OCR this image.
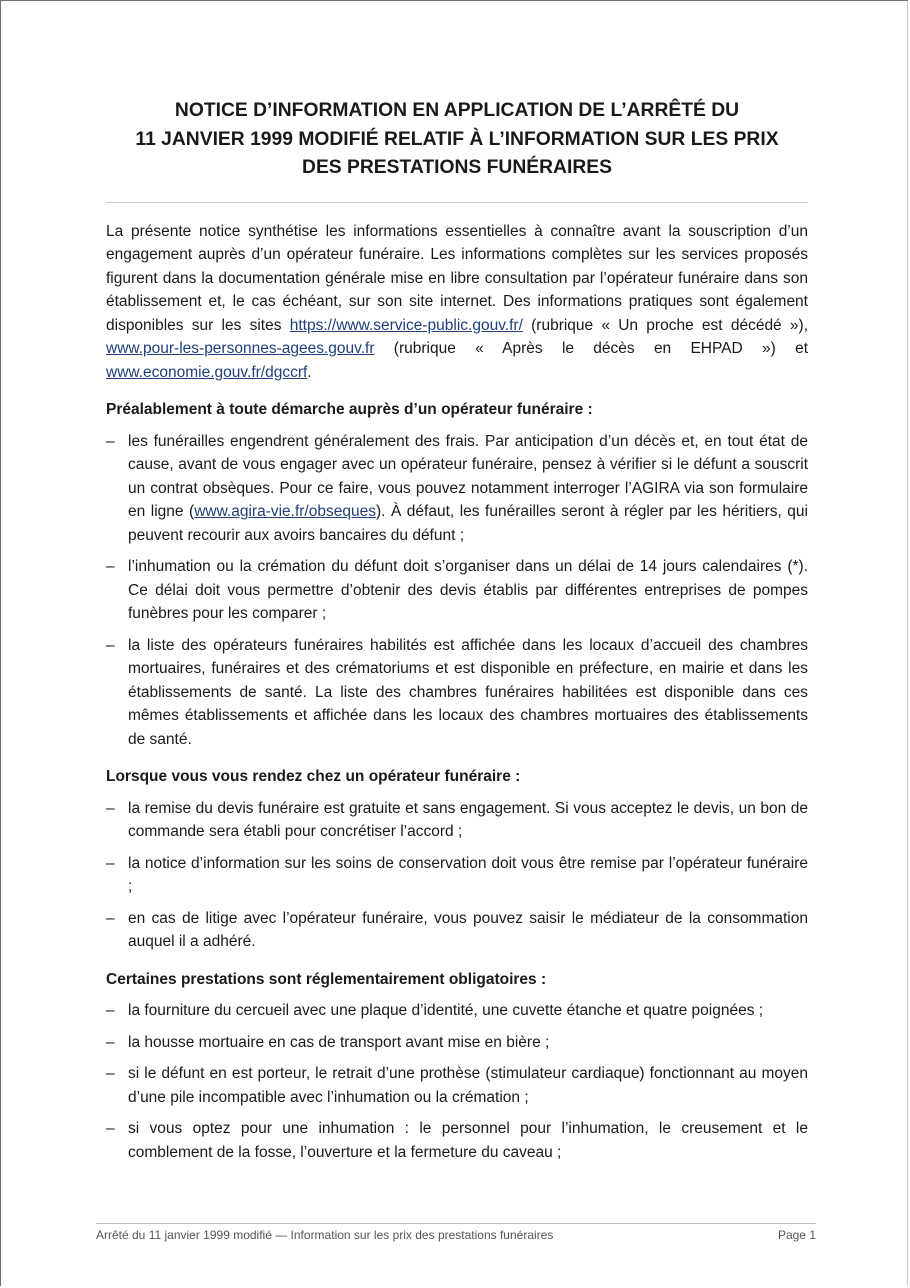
NOTICE D’INFORMATION EN APPLICATION DE L’ARRÊTÉ DU
11 JANVIER 1999 MODIFIÉ RELATIF À L’INFORMATION SUR LES PRIX
DES PRESTATIONS FUNÉRAIRES

La présente notice synthétise les informations essentielles à connaître avant la souscription d’un engagement auprès d’un opérateur funéraire. Les informations complètes sur les services proposés figurent dans la documentation générale mise en libre consultation par l’opérateur funéraire dans son établissement et, le cas échéant, sur son site internet. Des informations pratiques sont également disponibles sur les sites https://www.service-public.gouv.fr/ (rubrique « Un proche est décédé »), www.pour-les-personnes-agees.gouv.fr (rubrique « Après le décès en EHPAD ») et www.economie.gouv.fr/dgccrf.

Préalablement à toute démarche auprès d’un opérateur funéraire :
– les funérailles engendrent généralement des frais. Par anticipation d’un décès et, en tout état de cause, avant de vous engager avec un opérateur funéraire, pensez à vérifier si le défunt a souscrit un contrat obsèques. Pour ce faire, vous pouvez notamment interroger l’AGIRA via son formulaire en ligne (www.agira-vie.fr/obseques). À défaut, les funérailles seront à régler par les héritiers, qui peuvent recourir aux avoirs bancaires du défunt ;
– l’inhumation ou la crémation du défunt doit s’organiser dans un délai de 14 jours calendaires (*). Ce délai doit vous permettre d’obtenir des devis établis par différentes entreprises de pompes funèbres pour les comparer ;
– la liste des opérateurs funéraires habilités est affichée dans les locaux d’accueil des chambres mortuaires, funéraires et des crématoriums et est disponible en préfecture, en mairie et dans les établissements de santé. La liste des chambres funéraires habilitées est disponible dans ces mêmes établissements et affichée dans les locaux des chambres mortuaires des établissements de santé.
Lorsque vous vous rendez chez un opérateur funéraire :
– la remise du devis funéraire est gratuite et sans engagement. Si vous acceptez le devis, un bon de commande sera établi pour concrétiser l’accord ;
– la notice d’information sur les soins de conservation doit vous être remise par l’opérateur funéraire ;
– en cas de litige avec l’opérateur funéraire, vous pouvez saisir le médiateur de la consommation auquel il a adhéré.
Certaines prestations sont réglementairement obligatoires :
– la fourniture du cercueil avec une plaque d’identité, une cuvette étanche et quatre poignées ;
– la housse mortuaire en cas de transport avant mise en bière ;
– si le défunt en est porteur, le retrait d’une prothèse (stimulateur cardiaque) fonctionnant au moyen d’une pile incompatible avec l’inhumation ou la crémation ;
– si vous optez pour une inhumation : le personnel pour l’inhumation, le creusement et le comblement de la fosse, l’ouverture et la fermeture du caveau ;
Arrêté du 11 janvier 1999 modifié — Information sur les prix des prestations funéraires	Page 1
